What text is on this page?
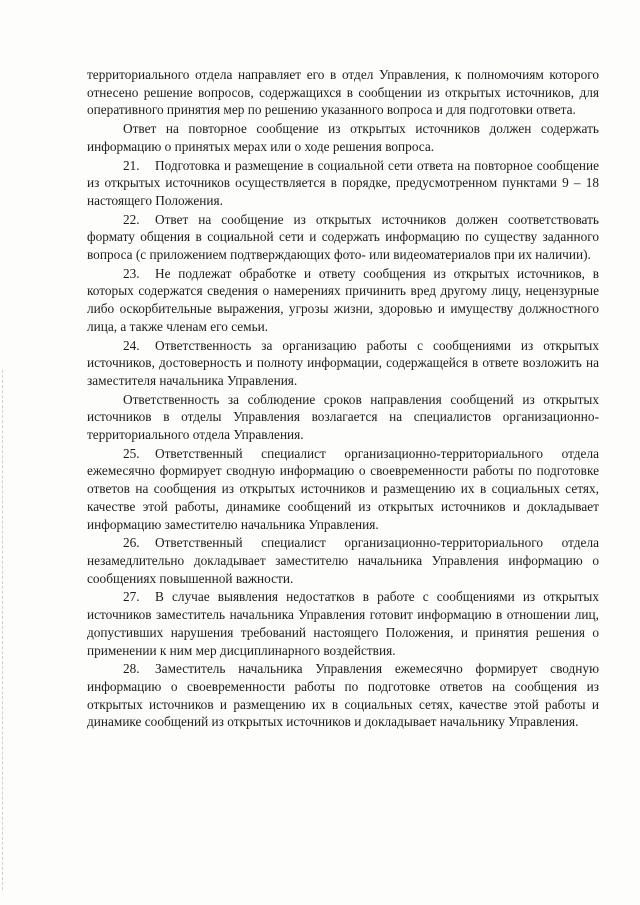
территориального отдела направляет его в отдел Управления, к полномочиям которого отнесено решение вопросов, содержащихся в сообщении из открытых источников, для оперативного принятия мер по решению указанного вопроса и для подготовки ответа.

Ответ на повторное сообщение из открытых источников должен содержать информацию о принятых мерах или о ходе решения вопроса.

21. Подготовка и размещение в социальной сети ответа на повторное сообщение из открытых источников осуществляется в порядке, предусмотренном пунктами 9 – 18 настоящего Положения.

22. Ответ на сообщение из открытых источников должен соответствовать формату общения в социальной сети и содержать информацию по существу заданного вопроса (с приложением подтверждающих фото- или видеоматериалов при их наличии).

23. Не подлежат обработке и ответу сообщения из открытых источников, в которых содержатся сведения о намерениях причинить вред другому лицу, нецензурные либо оскорбительные выражения, угрозы жизни, здоровью и имуществу должностного лица, а также членам его семьи.

24. Ответственность за организацию работы с сообщениями из открытых источников, достоверность и полноту информации, содержащейся в ответе возложить на заместителя начальника Управления.

Ответственность за соблюдение сроков направления сообщений из открытых источников в отделы Управления возлагается на специалистов организационно-территориального отдела Управления.

25. Ответственный специалист организационно-территориального отдела ежемесячно формирует сводную информацию о своевременности работы по подготовке ответов на сообщения из открытых источников и размещению их в социальных сетях, качестве этой работы, динамике сообщений из открытых источников и докладывает информацию заместителю начальника Управления.

26. Ответственный специалист организационно-территориального отдела незамедлительно докладывает заместителю начальника Управления информацию о сообщениях повышенной важности.

27. В случае выявления недостатков в работе с сообщениями из открытых источников заместитель начальника Управления готовит информацию в отношении лиц, допустивших нарушения требований настоящего Положения, и принятия решения о применении к ним мер дисциплинарного воздействия.

28. Заместитель начальника Управления ежемесячно формирует сводную информацию о своевременности работы по подготовке ответов на сообщения из открытых источников и размещению их в социальных сетях, качестве этой работы и динамике сообщений из открытых источников и докладывает начальнику Управления.
